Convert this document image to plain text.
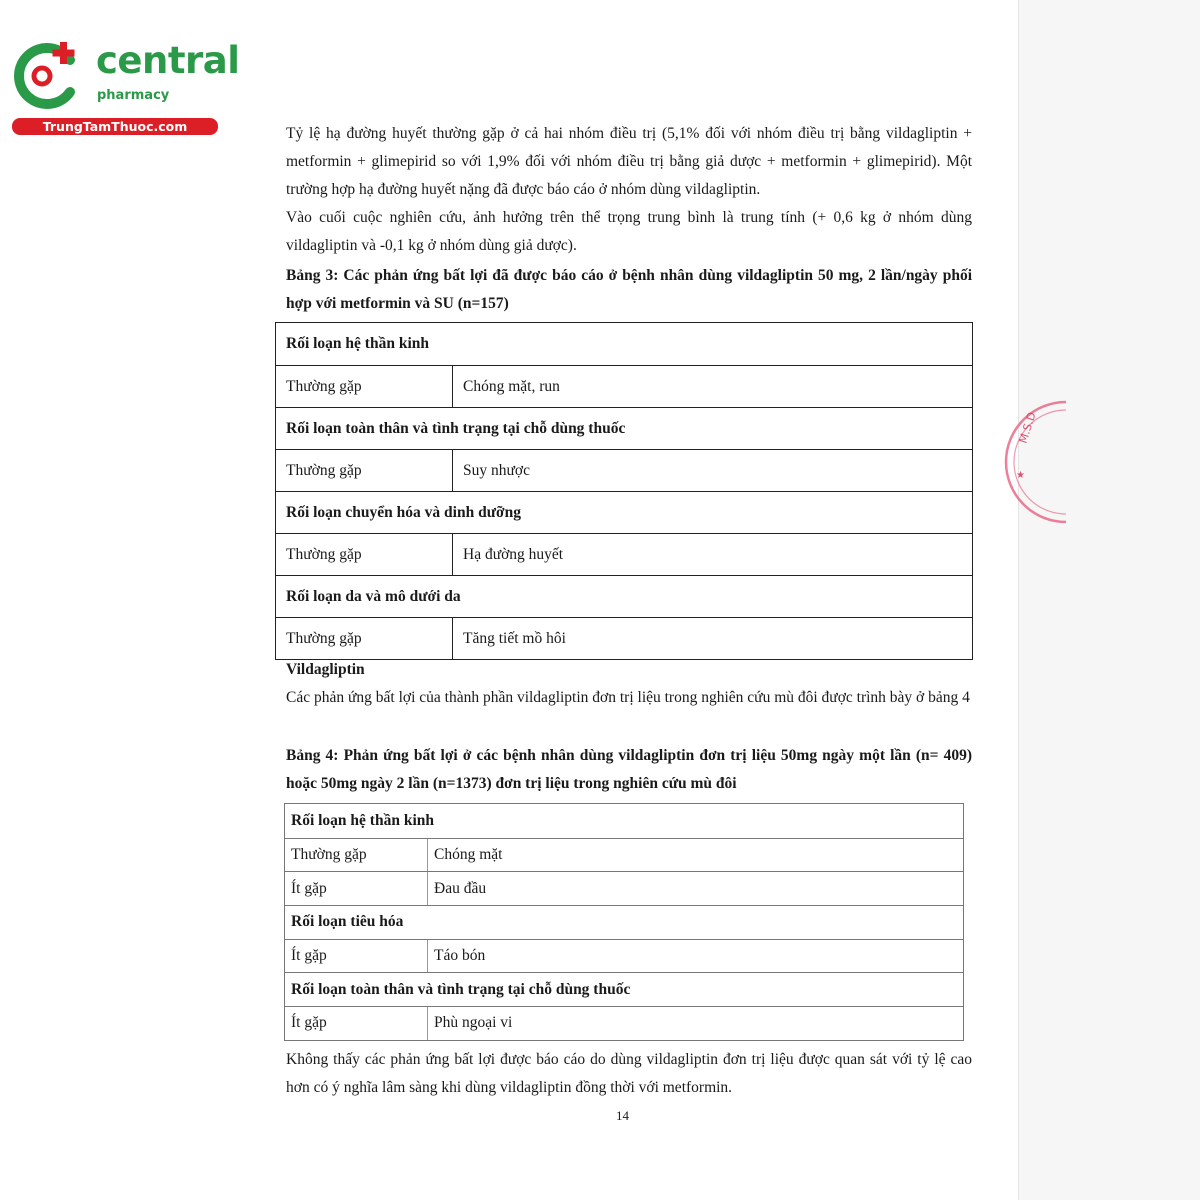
central
pharmacy
TrungTamThuoc.com
M.S.D
★

Tỷ lệ hạ đường huyết thường gặp ở cả hai nhóm điều trị (5,1% đối với nhóm điều trị bằng vildagliptin + metformin + glimepirid so với 1,9% đối với nhóm điều trị bằng giả dược + metformin + glimepirid). Một trường hợp hạ đường huyết nặng đã được báo cáo ở nhóm dùng vildagliptin.

Vào cuối cuộc nghiên cứu, ảnh hưởng trên thể trọng trung bình là trung tính (+ 0,6 kg ở nhóm dùng vildagliptin và -0,1 kg ở nhóm dùng giả dược).

Bảng 3: Các phản ứng bất lợi đã được báo cáo ở bệnh nhân dùng vildagliptin 50 mg, 2 lần/ngày phối hợp với metformin và SU (n=157)

Rối loạn hệ thần kinh
Thường gặp	Chóng mặt, run
Rối loạn toàn thân và tình trạng tại chỗ dùng thuốc
Thường gặp	Suy nhược
Rối loạn chuyển hóa và dinh dưỡng
Thường gặp	Hạ đường huyết
Rối loạn da và mô dưới da
Thường gặp	Tăng tiết mồ hôi
Vildagliptin

Các phản ứng bất lợi của thành phần vildagliptin đơn trị liệu trong nghiên cứu mù đôi được trình bày ở bảng 4

Bảng 4: Phản ứng bất lợi ở các bệnh nhân dùng vildagliptin đơn trị liệu 50mg ngày một lần (n= 409) hoặc 50mg ngày 2 lần (n=1373) đơn trị liệu trong nghiên cứu mù đôi

Rối loạn hệ thần kinh
Thường gặp	Chóng mặt
Ít gặp	Đau đầu
Rối loạn tiêu hóa
Ít gặp	Táo bón
Rối loạn toàn thân và tình trạng tại chỗ dùng thuốc
Ít gặp	Phù ngoại vi

Không thấy các phản ứng bất lợi được báo cáo do dùng vildagliptin đơn trị liệu được quan sát với tỷ lệ cao hơn có ý nghĩa lâm sàng khi dùng vildagliptin đồng thời với metformin.

14
